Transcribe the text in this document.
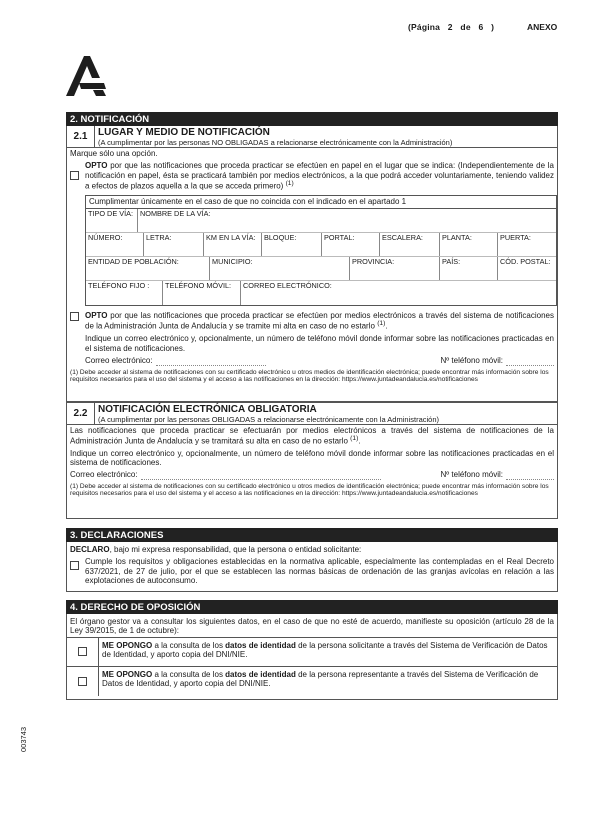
(Página 2 de 6 )	ANEXO
2. NOTIFICACIÓN
2.1	LUGAR Y MEDIO DE NOTIFICACIÓN
(A cumplimentar por las personas NO OBLIGADAS a relacionarse electrónicamente con la Administración)
Marque sólo una opción.
OPTO por que las notificaciones que proceda practicar se efectúen en papel en el lugar que se indica: (Independientemente de la notificación en papel, ésta se practicará también por medios electrónicos, a la que podrá acceder voluntariamente, teniendo validez a efectos de plazos aquella a la que se acceda primero) $^{(1)}$
Cumplimentar únicamente en el caso de que no coincida con el indicado en el apartado 1
TIPO DE VÍA: NOMBRE DE LA VÍA:
NÚMERO:	LETRA:	KM EN LA VÍA:	BLOQUE:	PORTAL:	ESCALERA:	PLANTA:	PUERTA:
ENTIDAD DE POBLACIÓN:	MUNICIPIO:	PROVINCIA:	PAÍS:	CÓD. POSTAL:
TELÉFONO FIJO :	TELÉFONO MÓVIL:	CORREO ELECTRÓNICO:
OPTO por que las notificaciones que proceda practicar se efectúen por medios electrónicos a través del sistema de notificaciones de la Administración Junta de Andalucía y se tramite mi alta en caso de no estarlo $^{(1)}$.
Indique un correo electrónico y, opcionalmente, un número de teléfono móvil donde informar sobre las notificaciones practicadas en el sistema de notificaciones.
Correo electrónico:	Nº teléfono móvil:
(1) Debe acceder al sistema de notificaciones con su certificado electrónico u otros medios de identificación electrónica; puede encontrar más información sobre los requisitos necesarios para el uso del sistema y el acceso a las notificaciones en la dirección: https://www.juntadeandalucia.es/notificaciones
2.2	NOTIFICACIÓN ELECTRÓNICA OBLIGATORIA
(A cumplimentar por las personas OBLIGADAS a relacionarse electrónicamente con la Administración)
Las notificaciones que proceda practicar se efectuarán por medios electrónicos a través del sistema de notificaciones de la Administración Junta de Andalucía y se tramitará su alta en caso de no estarlo $^{(1)}$.
Indique un correo electrónico y, opcionalmente, un número de teléfono móvil donde informar sobre las notificaciones practicadas en el sistema de notificaciones.
Correo electrónico:	Nº teléfono móvil:
(1) Debe acceder al sistema de notificaciones con su certificado electrónico u otros medios de identificación electrónica; puede encontrar más información sobre los requisitos necesarios para el uso del sistema y el acceso a las notificaciones en la dirección: https://www.juntadeandalucia.es/notificaciones
3. DECLARACIONES
DECLARO, bajo mi expresa responsabilidad, que la persona o entidad solicitante:
Cumple los requisitos y obligaciones establecidas en la normativa aplicable, especialmente las contempladas en el Real Decreto 637/2021, de 27 de julio, por el que se establecen las normas básicas de ordenación de las granjas avícolas en relación a las explotaciones de autoconsumo.
4. DERECHO DE OPOSICIÓN
El órgano gestor va a consultar los siguientes datos, en el caso de que no esté de acuerdo, manifieste su oposición (artículo 28 de la Ley 39/2015, de 1 de octubre):
ME OPONGO a la consulta de los datos de identidad de la persona solicitante a través del Sistema de Verificación de Datos de Identidad, y aporto copia del DNI/NIE.
ME OPONGO a la consulta de los datos de identidad de la persona representante a través del Sistema de Verificación de Datos de Identidad, y aporto copia del DNI/NIE.
003743
